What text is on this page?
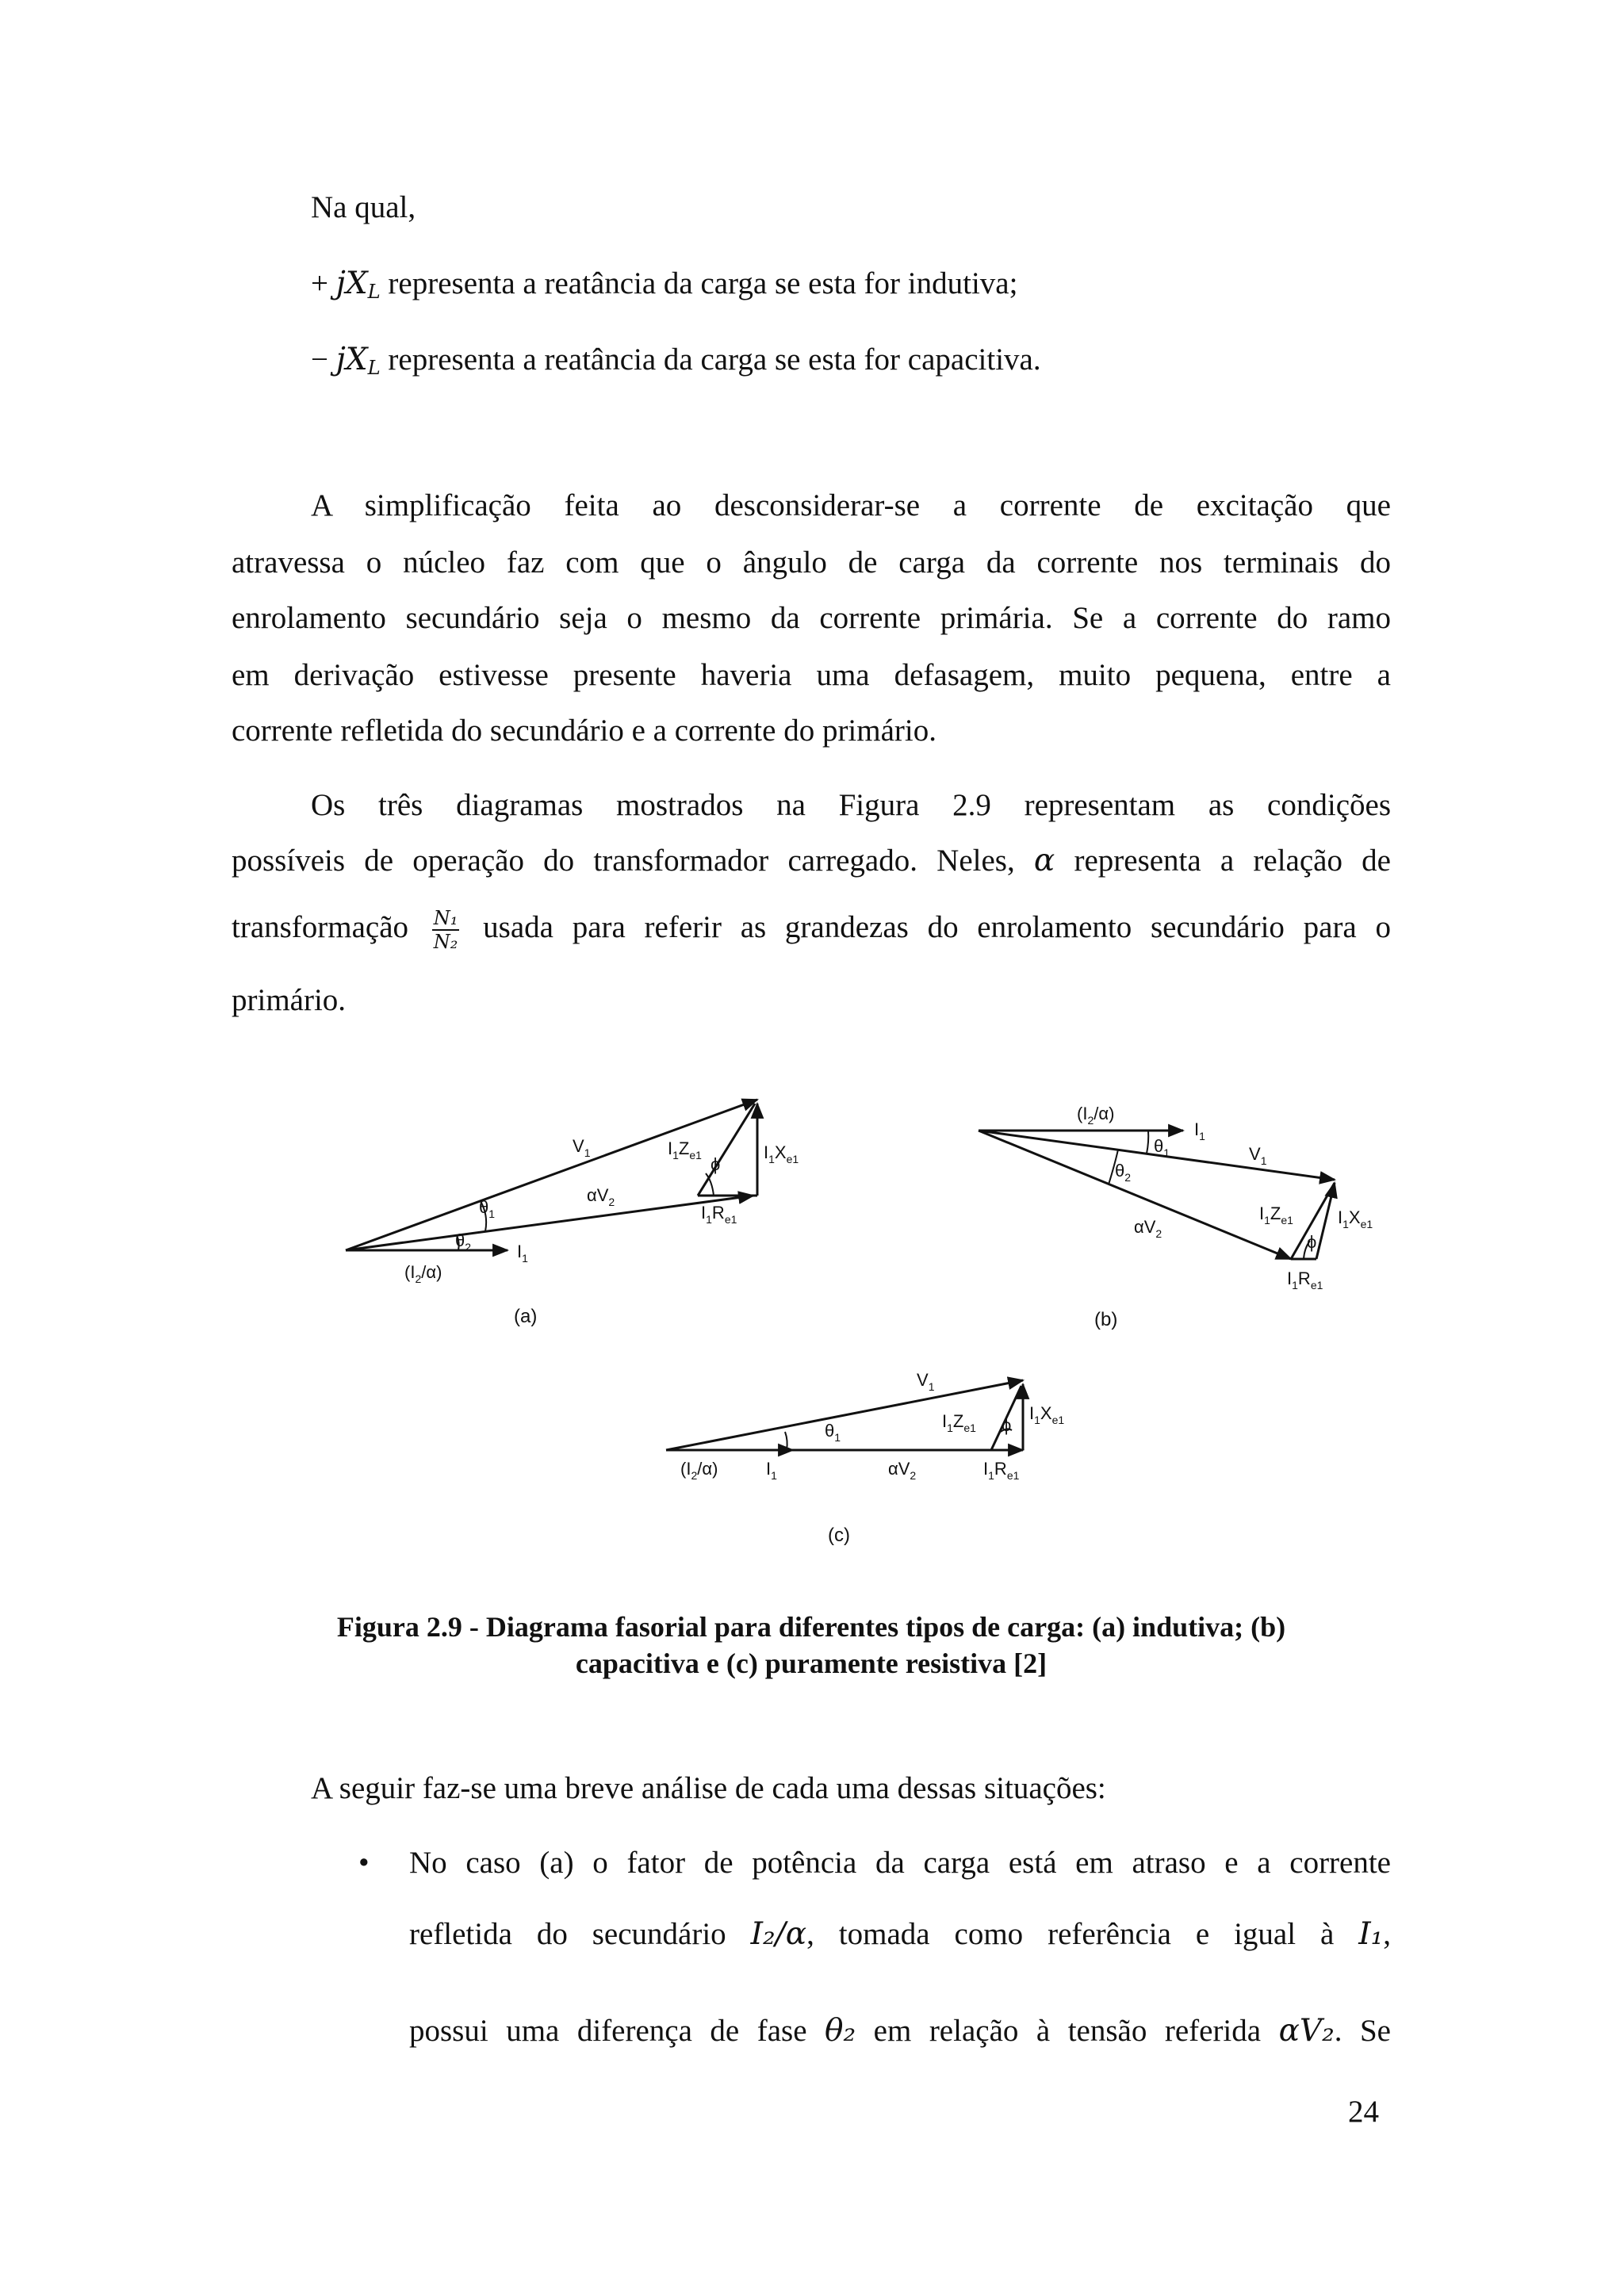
Na qual,
+ $jX_L$ representa a reatância da carga se esta for indutiva;
− $jX_L$ representa a reatância da carga se esta for capacitiva.
A simplificação feita ao desconsiderar-se a corrente de excitação que
atravessa o núcleo faz com que o ângulo de carga da corrente nos terminais do
enrolamento secundário seja o mesmo da corrente primária. Se a corrente do ramo
em derivação estivesse presente haveria uma defasagem, muito pequena, entre a
corrente refletida do secundário e a corrente do primário.
Os três diagramas mostrados na Figura 2.9 representam as condições
possíveis de operação do transformador carregado. Neles, α representa a relação de
transformação $\frac{\text{N₁}}{\text{N₂}}$ usada para referir as grandezas do enrolamento secundário para o
primário.
$V_1$
$\alpha V_2$
$\theta_1$
$\theta_2$	$I_1$
$(I_2/\alpha)$
$I_1Z_{e1}$ ϕ
$I_1X_{e1}$
$I_1R_{e1}$
(a)
$(I_2/\alpha)$
$I_1$
$\theta_1$	$V_1$
$\theta_2$
$\alpha V_2$
$I_1Z_{e1}$
ϕ
$I_1X_{e1}$
$I_1R_{e1}$
(b)
$V_1$
$\theta_1$
$I_1Z_{e1}$ ϕ
$I_1X_{e1}$
$(I_2/\alpha)$	$I_1$	$\alpha V_2$	$I_1R_{e1}$
(c)
Figura 2.9 - Diagrama fasorial para diferentes tipos de carga: (a) indutiva; (b)
capacitiva e (c) puramente resistiva [2]
A seguir faz-se uma breve análise de cada uma dessas situações:
• No caso (a) o fator de potência da carga está em atraso e a corrente
refletida do secundário I₂/α, tomada como referência e igual à I₁,
possui uma diferença de fase θ₂ em relação à tensão referida αV₂. Se
24
